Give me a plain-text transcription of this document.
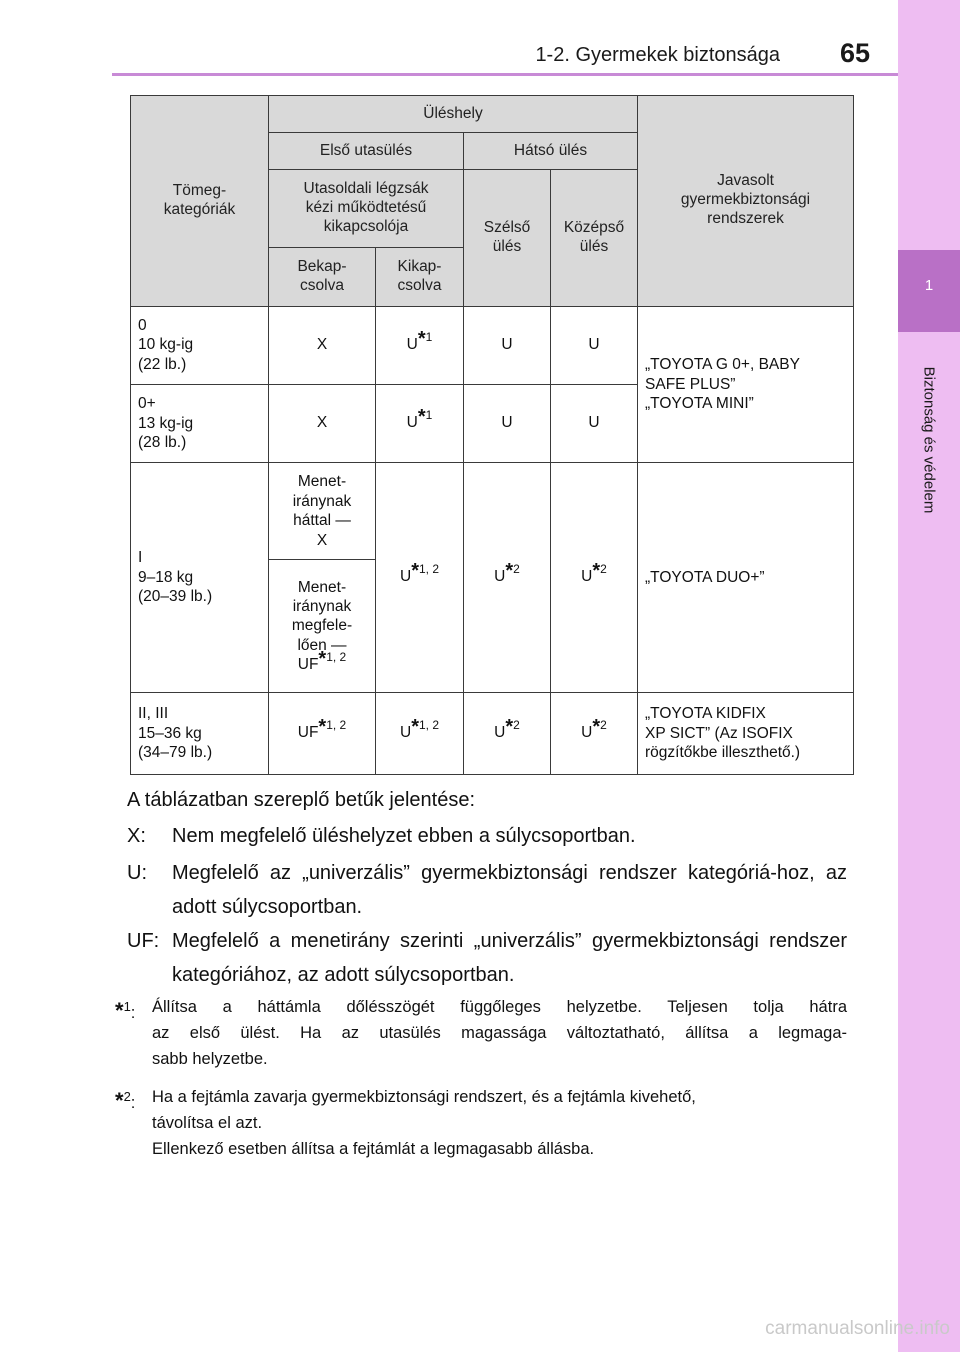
1-2. Gyermekek biztonsága	65
1
Biztonság és védelem
Tömeg-
kategóriák	Üléshely				Javasolt
gyermekbiztonsági
rendszerek

	Első utasülés		Hátsó ülés		

	Utasoldali légzsák
kézi működtetésű
kikapcsolója		Szélső
ülés	Középső
ülés	

	Bekap-
csolva	Kikap-
csolva			

0
10 kg-ig
(22 lb.)	X	U*$^1$	U	U	„TOYOTA G 0+, BABY
SAFE PLUS”
„TOYOTA MINI”

0+
13 kg-ig
(28 lb.)	X	U*$^1$	U	U	

I
9–18 kg
(20–39 lb.)	Menet-
iránynak
háttal —
X	U*$^{1, 2}$	U*$^2$	U*$^2$	„TOYOTA DUO+”

	Menet-
iránynak
megfele-
lően —
UF*$^{1, 2}$

II, III
15–36 kg
(34–79 lb.)	UF*$^{1, 2}$	U*$^{1, 2}$	U*$^2$	U*$^2$	„TOYOTA KIDFIX
XP SICT” (Az ISOFIX
rögzítőkbe illeszthető.)
A táblázatban szereplő betűk jelentése:
X: Nem megfelelő üléshelyzet ebben a súlycsoportban.
U: Megfelelő az „univerzális” gyermekbiztonsági rendszer kategóriá-hoz, az adott súlycsoportban.
UF: Megfelelő a menetirány szerinti „univerzális” gyermekbiztonsági rendszer kategóriához, az adott súlycsoportban.
*$^1$: Állítsa a háttámla dőlésszögét függőleges helyzetbe. Teljesen tolja hátra
az első ülést. Ha az utasülés magassága változtatható, állítsa a legmaga-
sabb helyzetbe.
*$^2$: Ha a fejtámla zavarja gyermekbiztonsági rendszert, és a fejtámla kivehető,
távolítsa el azt.
Ellenkező esetben állítsa a fejtámlát a legmagasabb állásba.
carmanualsonline.info
